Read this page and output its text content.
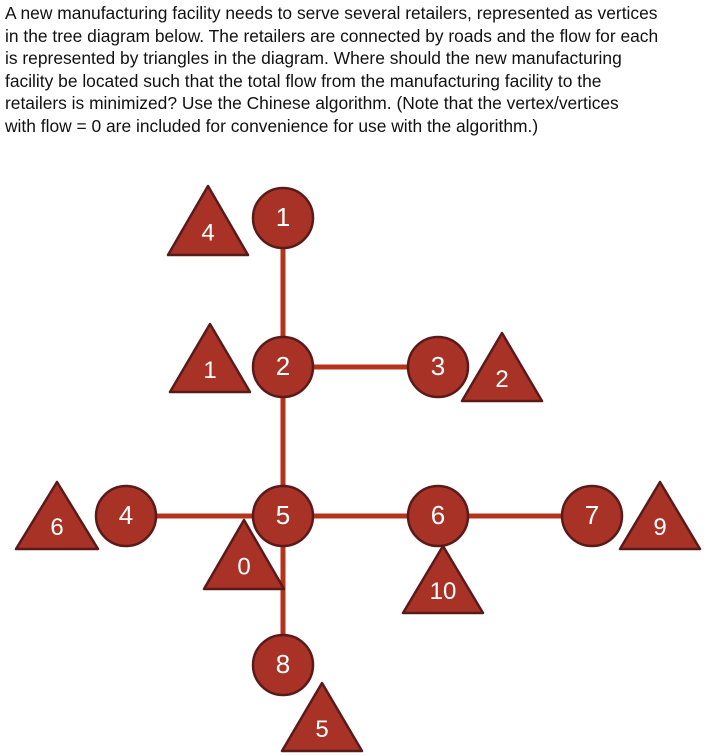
A new manufacturing facility needs to serve several retailers, represented as vertices
in the tree diagram below. The retailers are connected by roads and the flow for each
is represented by triangles in the diagram. Where should the new manufacturing
facility be located such that the total flow from the manufacturing facility to the
retailers is minimized? Use the Chinese algorithm. (Note that the vertex/vertices
with flow = 0 are included for convenience for use with the algorithm.)
4
1	2
6
0
10
9
5
1
2	3
4	5	6	7
8
